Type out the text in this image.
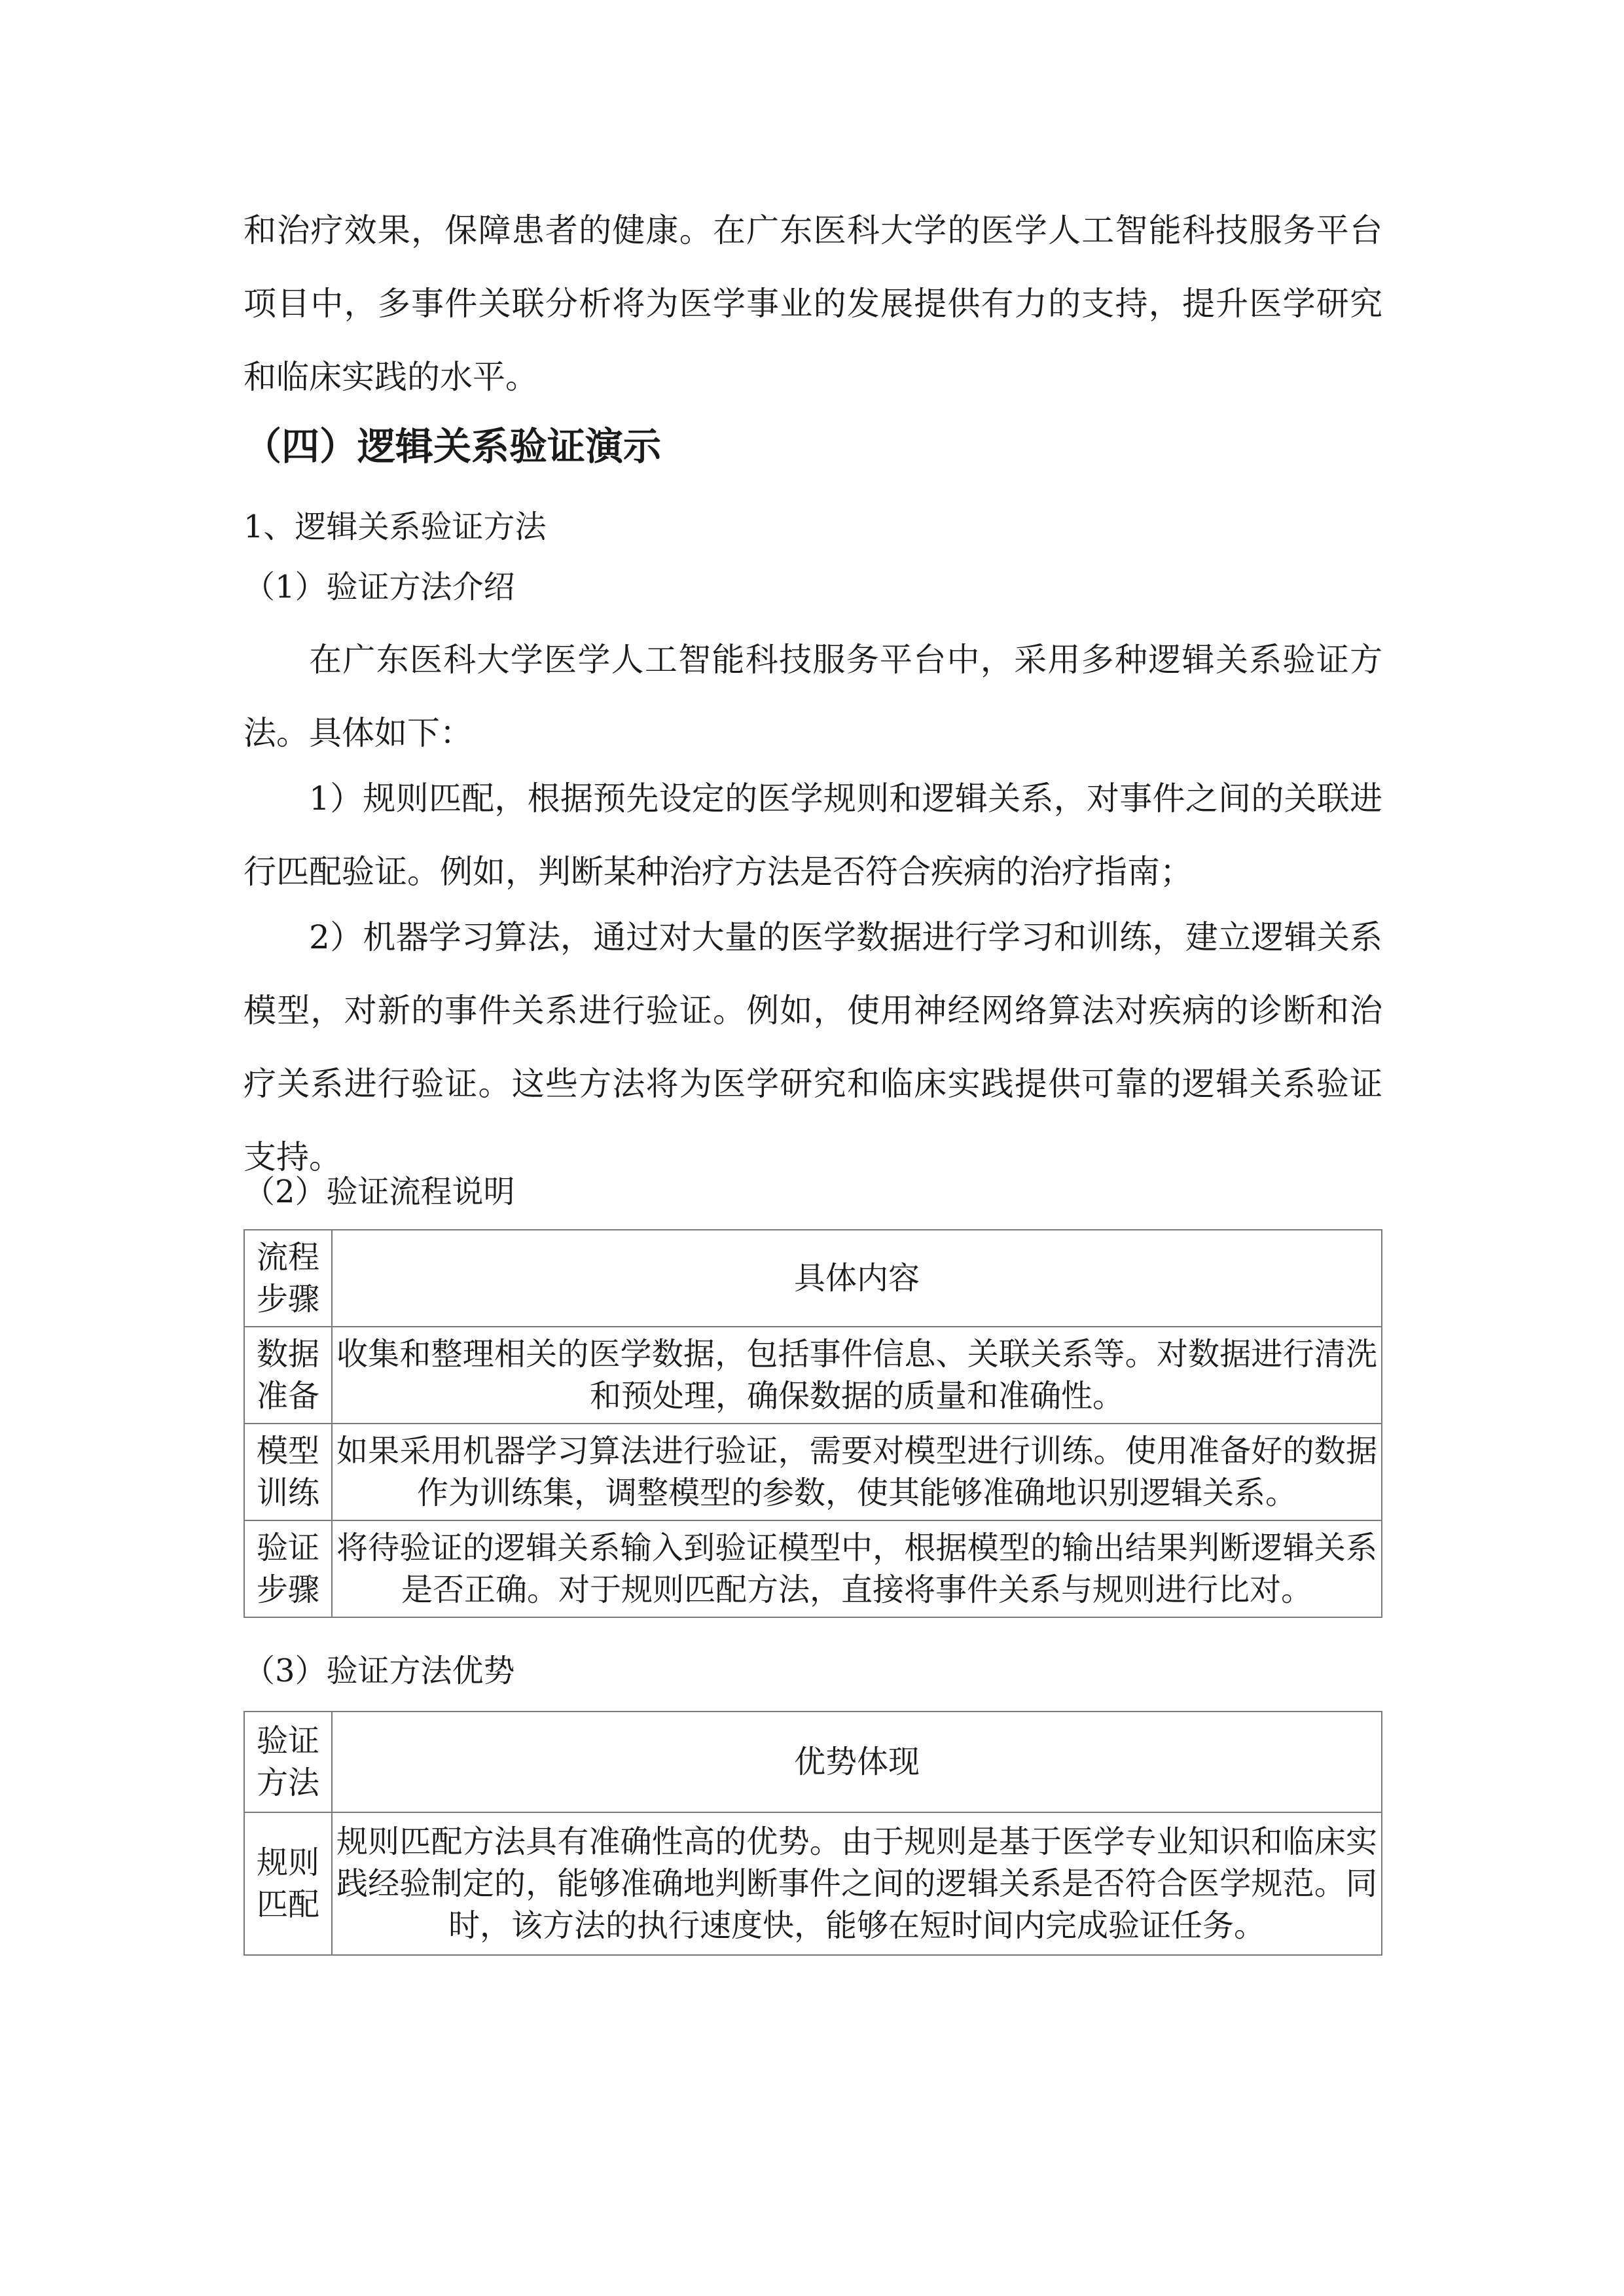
和治疗效果，保障患者的健康。在广东医科大学的医学人工智能科技服务平台项目中，多事件关联分析将为医学事业的发展提供有力的支持，提升医学研究和临床实践的水平。

（四）逻辑关系验证演示

1、逻辑关系验证方法

（1）验证方法介绍

在广东医科大学医学人工智能科技服务平台中，采用多种逻辑关系验证方法。具体如下：

1）规则匹配，根据预先设定的医学规则和逻辑关系，对事件之间的关联进行匹配验证。例如，判断某种治疗方法是否符合疾病的治疗指南；

2）机器学习算法，通过对大量的医学数据进行学习和训练，建立逻辑关系模型，对新的事件关系进行验证。例如，使用神经网络算法对疾病的诊断和治疗关系进行验证。这些方法将为医学研究和临床实践提供可靠的逻辑关系验证支持。

（2）验证流程说明

流程步骤	具体内容
数据准备	收集和整理相关的医学数据，包括事件信息、关联关系等。对数据进行清洗和预处理，确保数据的质量和准确性。
模型训练	如果采用机器学习算法进行验证，需要对模型进行训练。使用准备好的数据作为训练集，调整模型的参数，使其能够准确地识别逻辑关系。
验证步骤	将待验证的逻辑关系输入到验证模型中，根据模型的输出结果判断逻辑关系是否正确。对于规则匹配方法，直接将事件关系与规则进行比对。

（3）验证方法优势

验证方法	优势体现
规则匹配	规则匹配方法具有准确性高的优势。由于规则是基于医学专业知识和临床实践经验制定的，能够准确地判断事件之间的逻辑关系是否符合医学规范。同时，该方法的执行速度快，能够在短时间内完成验证任务。
